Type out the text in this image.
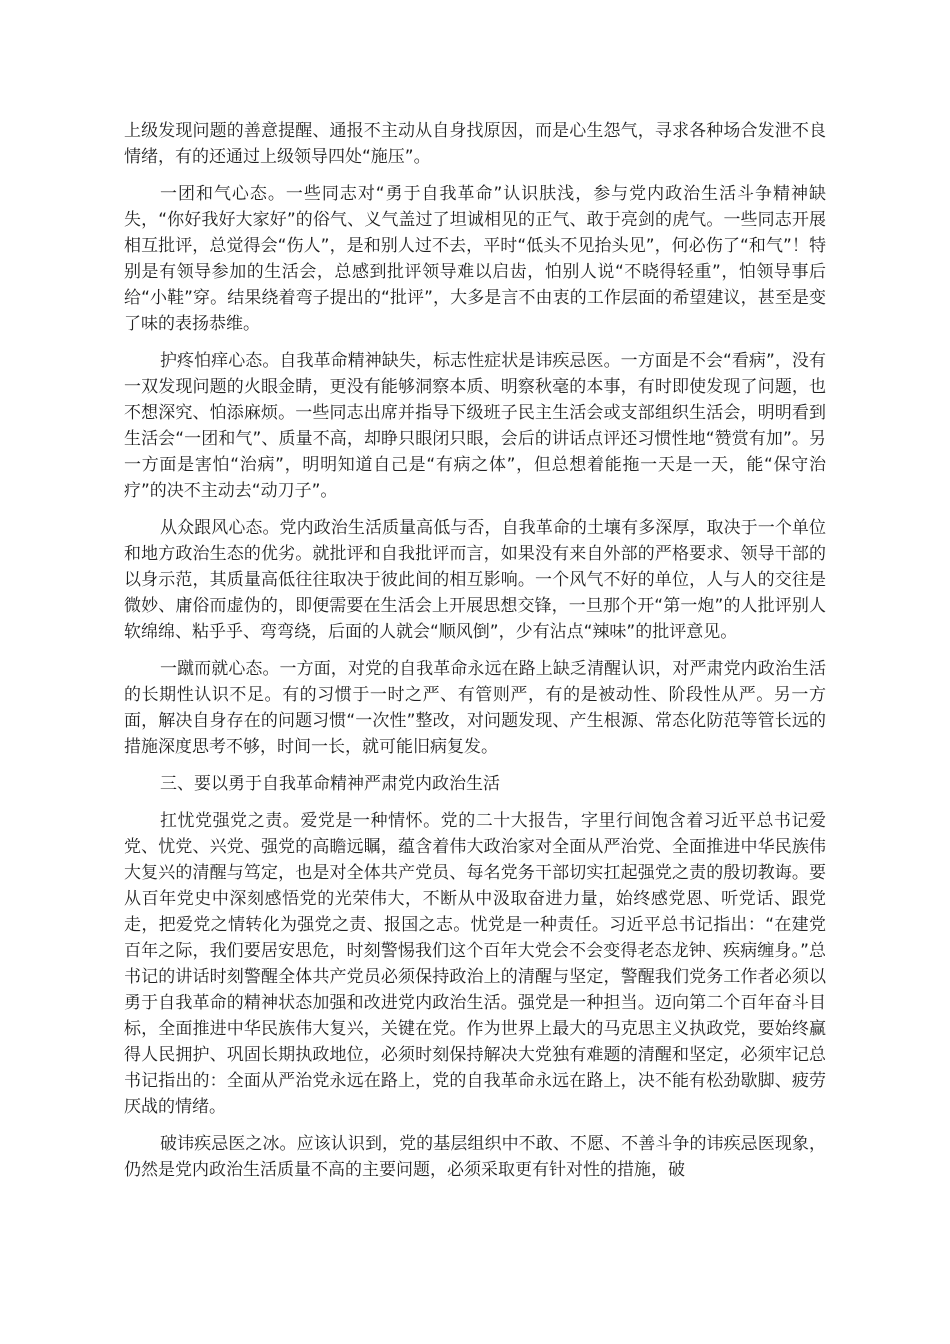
上级发现问题的善意提醒、通报不主动从自身找原因，而是心生怨气，寻求各种场合发泄不良情绪，有的还通过上级领导四处“施压”。

一团和气心态。一些同志对“勇于自我革命”认识肤浅，参与党内政治生活斗争精神缺失，“你好我好大家好”的俗气、义气盖过了坦诚相见的正气、敢于亮剑的虎气。一些同志开展相互批评，总觉得会“伤人”，是和别人过不去，平时“低头不见抬头见”，何必伤了“和气”！特别是有领导参加的生活会，总感到批评领导难以启齿，怕别人说“不晓得轻重”，怕领导事后给“小鞋”穿。结果绕着弯子提出的“批评”，大多是言不由衷的工作层面的希望建议，甚至是变了味的表扬恭维。

护疼怕痒心态。自我革命精神缺失，标志性症状是讳疾忌医。一方面是不会“看病”，没有一双发现问题的火眼金睛，更没有能够洞察本质、明察秋毫的本事，有时即使发现了问题，也不想深究、怕添麻烦。一些同志出席并指导下级班子民主生活会或支部组织生活会，明明看到生活会“一团和气”、质量不高，却睁只眼闭只眼，会后的讲话点评还习惯性地“赞赏有加”。另一方面是害怕“治病”，明明知道自己是“有病之体”，但总想着能拖一天是一天，能“保守治疗”的决不主动去“动刀子”。

从众跟风心态。党内政治生活质量高低与否，自我革命的土壤有多深厚，取决于一个单位和地方政治生态的优劣。就批评和自我批评而言，如果没有来自外部的严格要求、领导干部的以身示范，其质量高低往往取决于彼此间的相互影响。一个风气不好的单位，人与人的交往是微妙、庸俗而虚伪的，即便需要在生活会上开展思想交锋，一旦那个开“第一炮”的人批评别人软绵绵、粘乎乎、弯弯绕，后面的人就会“顺风倒”，少有沾点“辣味”的批评意见。

一蹴而就心态。一方面，对党的自我革命永远在路上缺乏清醒认识，对严肃党内政治生活的长期性认识不足。有的习惯于一时之严、有管则严，有的是被动性、阶段性从严。另一方面，解决自身存在的问题习惯“一次性”整改，对问题发现、产生根源、常态化防范等管长远的措施深度思考不够，时间一长，就可能旧病复发。

三、要以勇于自我革命精神严肃党内政治生活

扛忧党强党之责。爱党是一种情怀。党的二十大报告，字里行间饱含着习近平总书记爱党、忧党、兴党、强党的高瞻远瞩，蕴含着伟大政治家对全面从严治党、全面推进中华民族伟大复兴的清醒与笃定，也是对全体共产党员、每名党务干部切实扛起强党之责的殷切教诲。要从百年党史中深刻感悟党的光荣伟大，不断从中汲取奋进力量，始终感党恩、听党话、跟党走，把爱党之情转化为强党之责、报国之志。忧党是一种责任。习近平总书记指出：“在建党百年之际，我们要居安思危，时刻警惕我们这个百年大党会不会变得老态龙钟、疾病缠身。”总书记的讲话时刻警醒全体共产党员必须保持政治上的清醒与坚定，警醒我们党务工作者必须以勇于自我革命的精神状态加强和改进党内政治生活。强党是一种担当。迈向第二个百年奋斗目标，全面推进中华民族伟大复兴，关键在党。作为世界上最大的马克思主义执政党，要始终赢得人民拥护、巩固长期执政地位，必须时刻保持解决大党独有难题的清醒和坚定，必须牢记总书记指出的：全面从严治党永远在路上，党的自我革命永远在路上，决不能有松劲歇脚、疲劳厌战的情绪。

破讳疾忌医之冰。应该认识到，党的基层组织中不敢、不愿、不善斗争的讳疾忌医现象，仍然是党内政治生活质量不高的主要问题，必须采取更有针对性的措施，破
